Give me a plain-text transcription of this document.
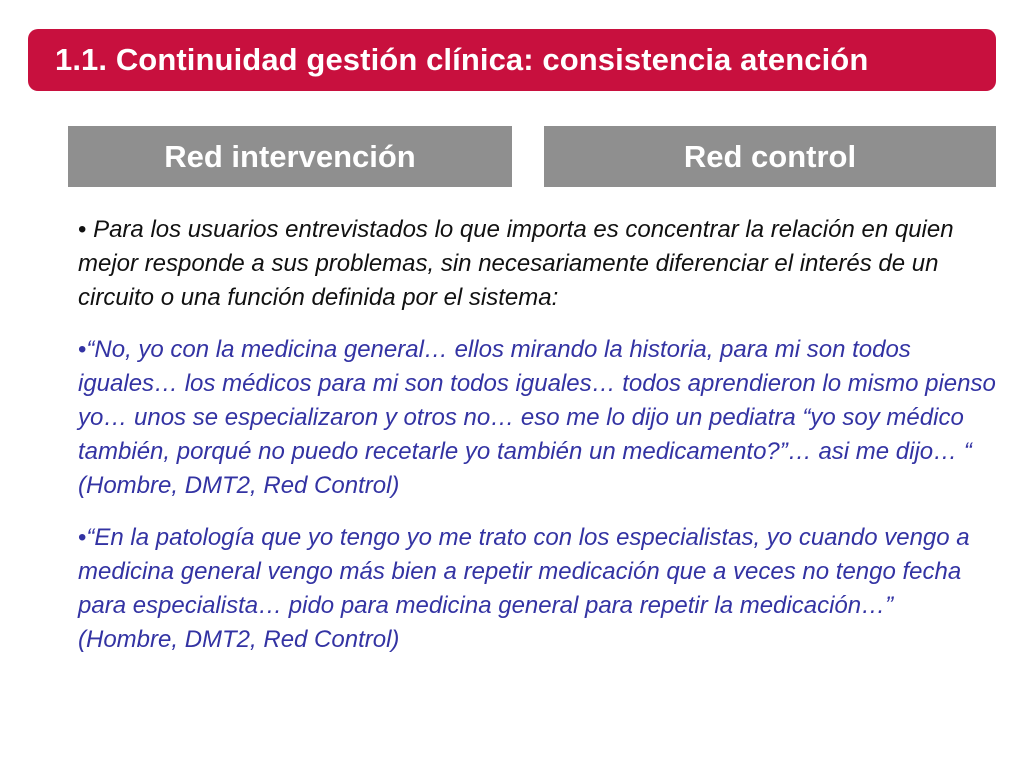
1.1. Continuidad gestión clínica: consistencia atención
Red intervención	Red control

• Para los usuarios entrevistados lo que importa es concentrar la relación en quien mejor responde a sus problemas, sin necesariamente diferenciar el interés de un circuito o una función definida por el sistema:

•“No, yo con la medicina general… ellos mirando la historia, para mi son todos iguales… los médicos para mi son todos iguales… todos aprendieron lo mismo pienso yo… unos se especializaron y otros no… eso me lo dijo un pediatra “yo soy médico también, porqué no puedo recetarle yo también un medicamento?”… asi me dijo… “ (Hombre, DMT2, Red Control)

•“En la patología que yo tengo yo me trato con los especialistas, yo cuando vengo a medicina general vengo más bien a repetir medicación que a veces no tengo fecha para especialista… pido para medicina general para repetir la medicación…” (Hombre, DMT2, Red Control)
